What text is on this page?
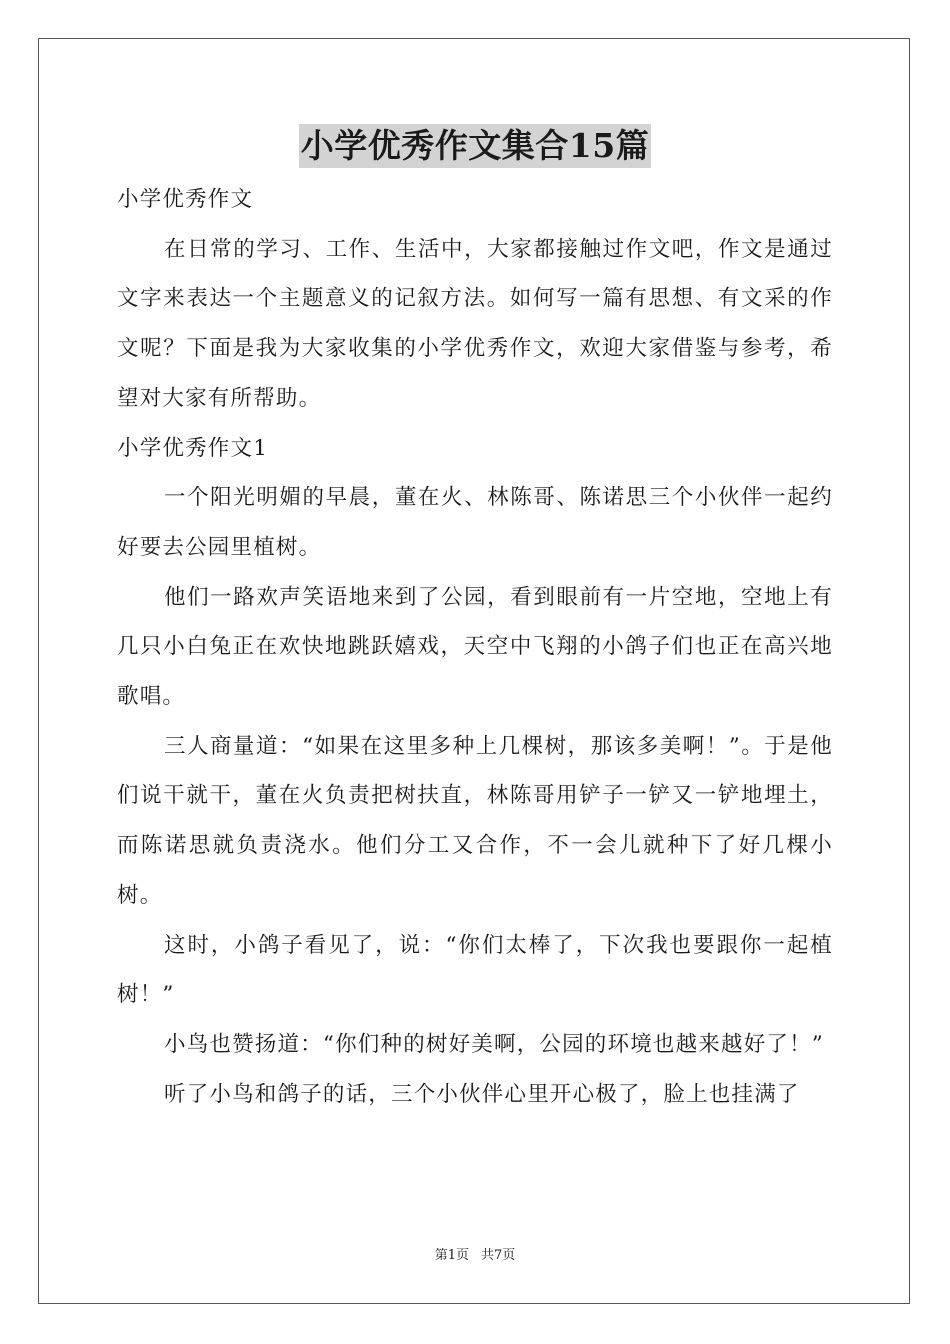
小学优秀作文集合15篇

小学优秀作文

在日常的学习、工作、生活中，大家都接触过作文吧，作文是通过文字来表达一个主题意义的记叙方法。如何写一篇有思想、有文采的作文呢？下面是我为大家收集的小学优秀作文，欢迎大家借鉴与参考，希望对大家有所帮助。

小学优秀作文1

一个阳光明媚的早晨，董在火、林陈哥、陈诺思三个小伙伴一起约好要去公园里植树。

他们一路欢声笑语地来到了公园，看到眼前有一片空地，空地上有几只小白兔正在欢快地跳跃嬉戏，天空中飞翔的小鸽子们也正在高兴地歌唱。

三人商量道：“如果在这里多种上几棵树，那该多美啊！”。于是他们说干就干，董在火负责把树扶直，林陈哥用铲子一铲又一铲地埋土，而陈诺思就负责浇水。他们分工又合作，不一会儿就种下了好几棵小树。

这时，小鸽子看见了，说：“你们太棒了，下次我也要跟你一起植树！”

小鸟也赞扬道：“你们种的树好美啊，公园的环境也越来越好了！”

听了小鸟和鸽子的话，三个小伙伴心里开心极了，脸上也挂满了

第1页 共7页
